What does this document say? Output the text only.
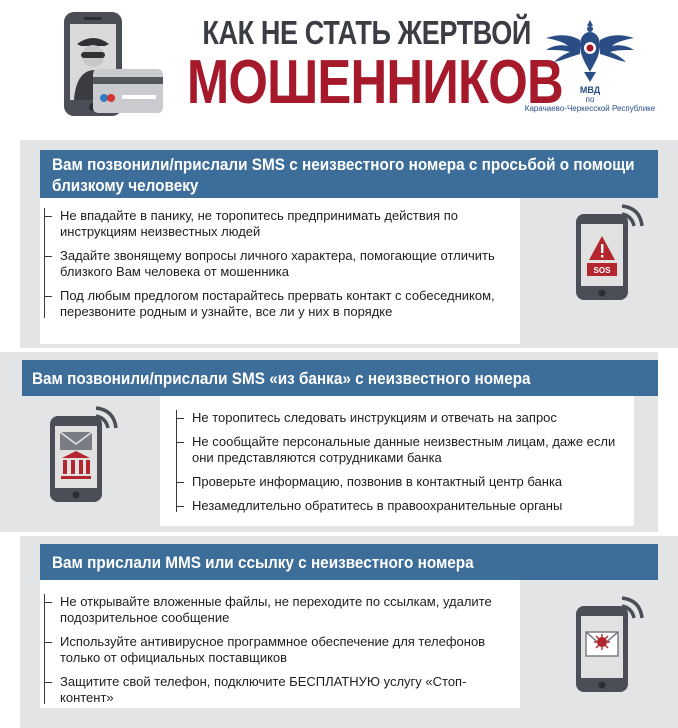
КАК НЕ СТАТЬ ЖЕРТВОЙ
МОШЕННИКОВ	МВД
по
Карачаево-Черкесской Республике
Вам позвонили/прислали SMS с неизвестного номера с просьбой о помощи
близкому человеку
Не впадайте в панику, не торопитесь предпринимать действия по инструкциям неизвестных людей
Задайте звонящему вопросы личного характера, помогающие отличить близкого Вам человека от мошенника
Под любым предлогом постарайтесь прервать контакт с собеседником, перезвоните родным и узнайте, все ли у них в порядке
SOS
Вам позвонили/прислали SMS «из банка» с неизвестного номера
Не торопитесь следовать инструкциям и отвечать на запрос
Не сообщайте персональные данные неизвестным лицам, даже если они представляются сотрудниками банка
Проверьте информацию, позвонив в контактный центр банка
Незамедлительно обратитесь в правоохранительные органы
Вам прислали MMS или ссылку с неизвестного номера
Не открывайте вложенные файлы, не переходите по ссылкам, удалите подозрительное сообщение
Используйте антивирусное программное обеспечение для телефонов только от официальных поставщиков
Защитите свой телефон, подключите БЕСПЛАТНУЮ услугу «Стоп-контент»
